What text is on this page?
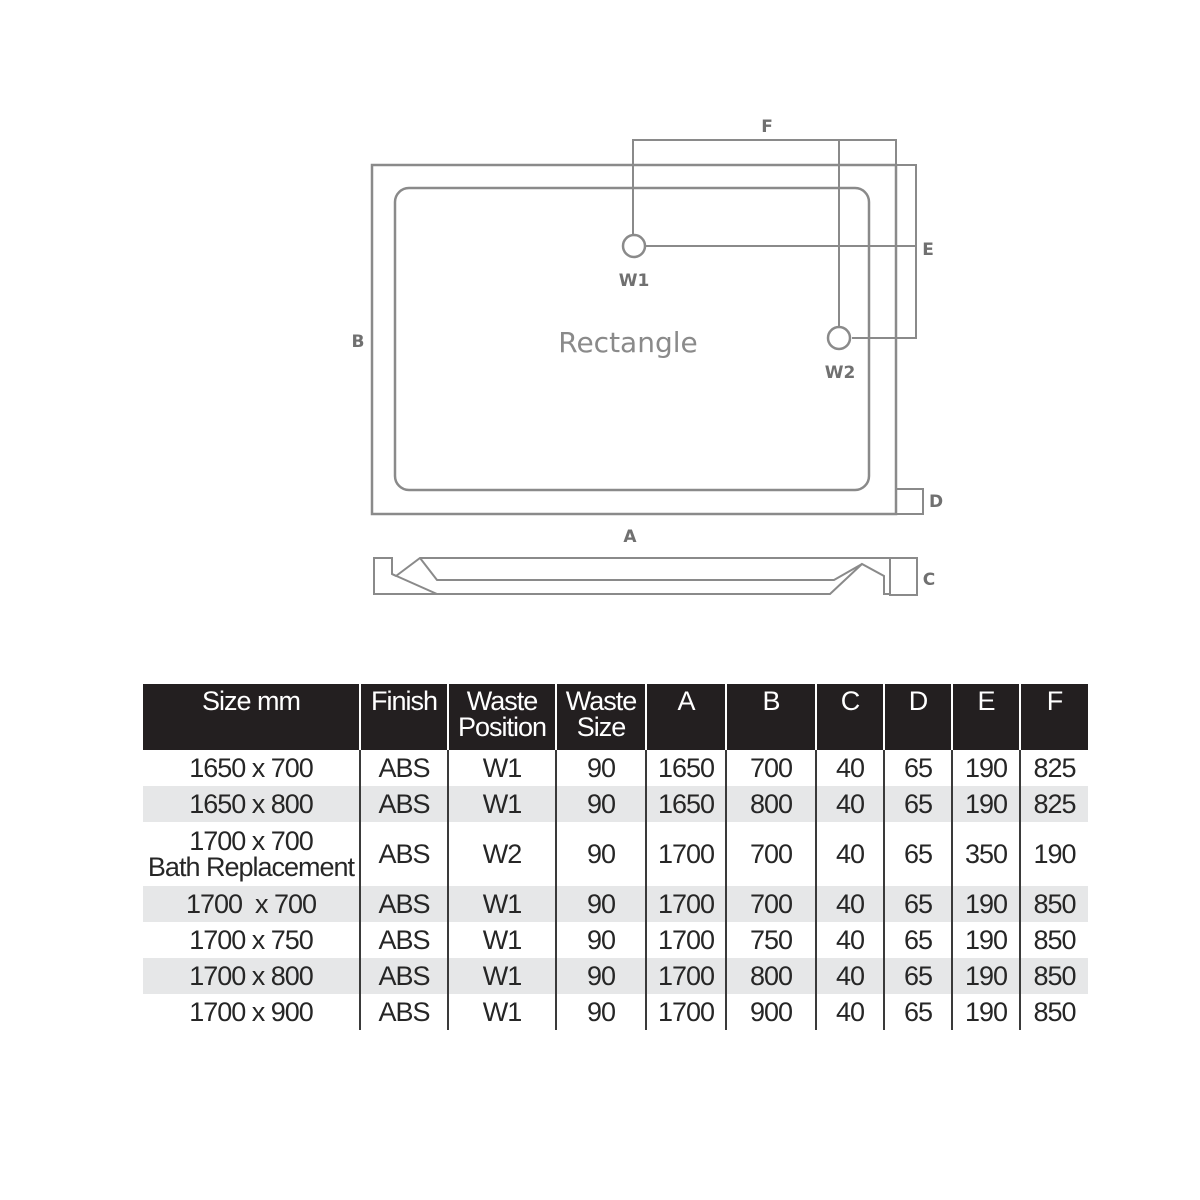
F
E
B
D
A
C
W1
W2
Rectangle
Size mm	Finish	Waste Position	Waste Size	A	B	C	D	E	F
1650 x 700	ABS	W1	90	1650	700	40	65	190	825
1650 x 800	ABS	W1	90	1650	800	40	65	190	825

1700 x 700
Bath Replacement	ABS	W2	90	1700	700	40	65	350	190
1700  x 700	ABS	W1	90	1700	700	40	65	190	850
1700 x 750	ABS	W1	90	1700	750	40	65	190	850
1700 x 800	ABS	W1	90	1700	800	40	65	190	850
1700 x 900	ABS	W1	90	1700	900	40	65	190	850
